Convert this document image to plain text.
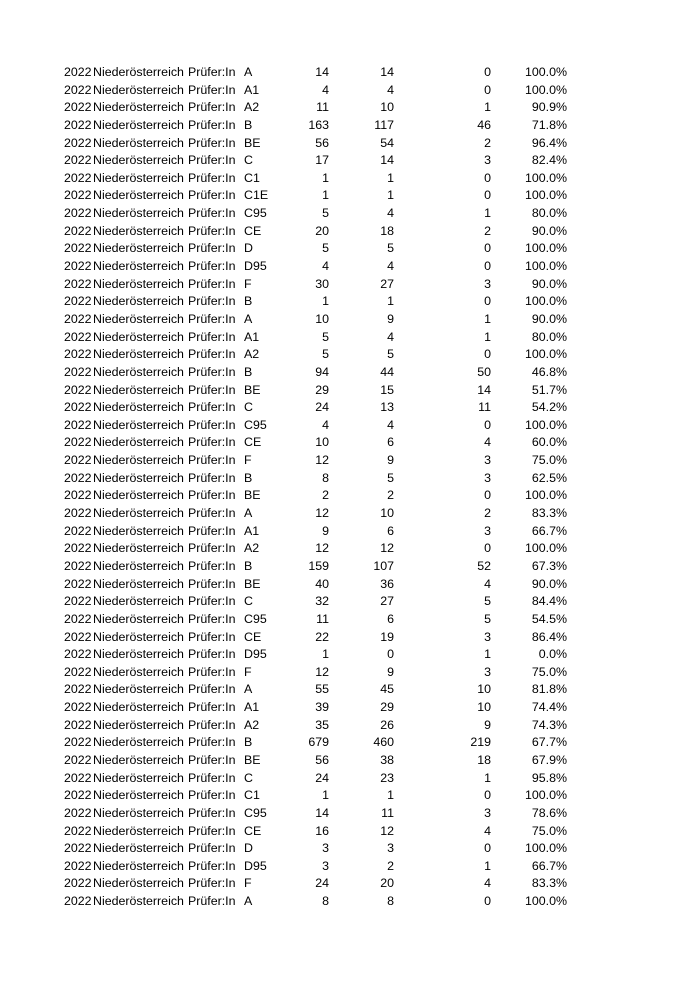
2022 Niederösterreich Prüfer:In A	14	14	0	100.0%
2022 Niederösterreich Prüfer:In A1	4	4	0	100.0%
2022 Niederösterreich Prüfer:In A2	11	10	1	90.9%
2022 Niederösterreich Prüfer:In B	163	117	46	71.8%
2022 Niederösterreich Prüfer:In BE	56	54	2	96.4%
2022 Niederösterreich Prüfer:In C	17	14	3	82.4%
2022 Niederösterreich Prüfer:In C1	1	1	0	100.0%
2022 Niederösterreich Prüfer:In C1E	1	1	0	100.0%
2022 Niederösterreich Prüfer:In C95	5	4	1	80.0%
2022 Niederösterreich Prüfer:In CE	20	18	2	90.0%
2022 Niederösterreich Prüfer:In D	5	5	0	100.0%
2022 Niederösterreich Prüfer:In D95	4	4	0	100.0%
2022 Niederösterreich Prüfer:In F	30	27	3	90.0%
2022 Niederösterreich Prüfer:In B	1	1	0	100.0%
2022 Niederösterreich Prüfer:In A	10	9	1	90.0%
2022 Niederösterreich Prüfer:In A1	5	4	1	80.0%
2022 Niederösterreich Prüfer:In A2	5	5	0	100.0%
2022 Niederösterreich Prüfer:In B	94	44	50	46.8%
2022 Niederösterreich Prüfer:In BE	29	15	14	51.7%
2022 Niederösterreich Prüfer:In C	24	13	11	54.2%
2022 Niederösterreich Prüfer:In C95	4	4	0	100.0%
2022 Niederösterreich Prüfer:In CE	10	6	4	60.0%
2022 Niederösterreich Prüfer:In F	12	9	3	75.0%
2022 Niederösterreich Prüfer:In B	8	5	3	62.5%
2022 Niederösterreich Prüfer:In BE	2	2	0	100.0%
2022 Niederösterreich Prüfer:In A	12	10	2	83.3%
2022 Niederösterreich Prüfer:In A1	9	6	3	66.7%
2022 Niederösterreich Prüfer:In A2	12	12	0	100.0%
2022 Niederösterreich Prüfer:In B	159	107	52	67.3%
2022 Niederösterreich Prüfer:In BE	40	36	4	90.0%
2022 Niederösterreich Prüfer:In C	32	27	5	84.4%
2022 Niederösterreich Prüfer:In C95	11	6	5	54.5%
2022 Niederösterreich Prüfer:In CE	22	19	3	86.4%
2022 Niederösterreich Prüfer:In D95	1	0	1	0.0%
2022 Niederösterreich Prüfer:In F	12	9	3	75.0%
2022 Niederösterreich Prüfer:In A	55	45	10	81.8%
2022 Niederösterreich Prüfer:In A1	39	29	10	74.4%
2022 Niederösterreich Prüfer:In A2	35	26	9	74.3%
2022 Niederösterreich Prüfer:In B	679	460	219	67.7%
2022 Niederösterreich Prüfer:In BE	56	38	18	67.9%
2022 Niederösterreich Prüfer:In C	24	23	1	95.8%
2022 Niederösterreich Prüfer:In C1	1	1	0	100.0%
2022 Niederösterreich Prüfer:In C95	14	11	3	78.6%
2022 Niederösterreich Prüfer:In CE	16	12	4	75.0%
2022 Niederösterreich Prüfer:In D	3	3	0	100.0%
2022 Niederösterreich Prüfer:In D95	3	2	1	66.7%
2022 Niederösterreich Prüfer:In F	24	20	4	83.3%
2022 Niederösterreich Prüfer:In A	8	8	0	100.0%
